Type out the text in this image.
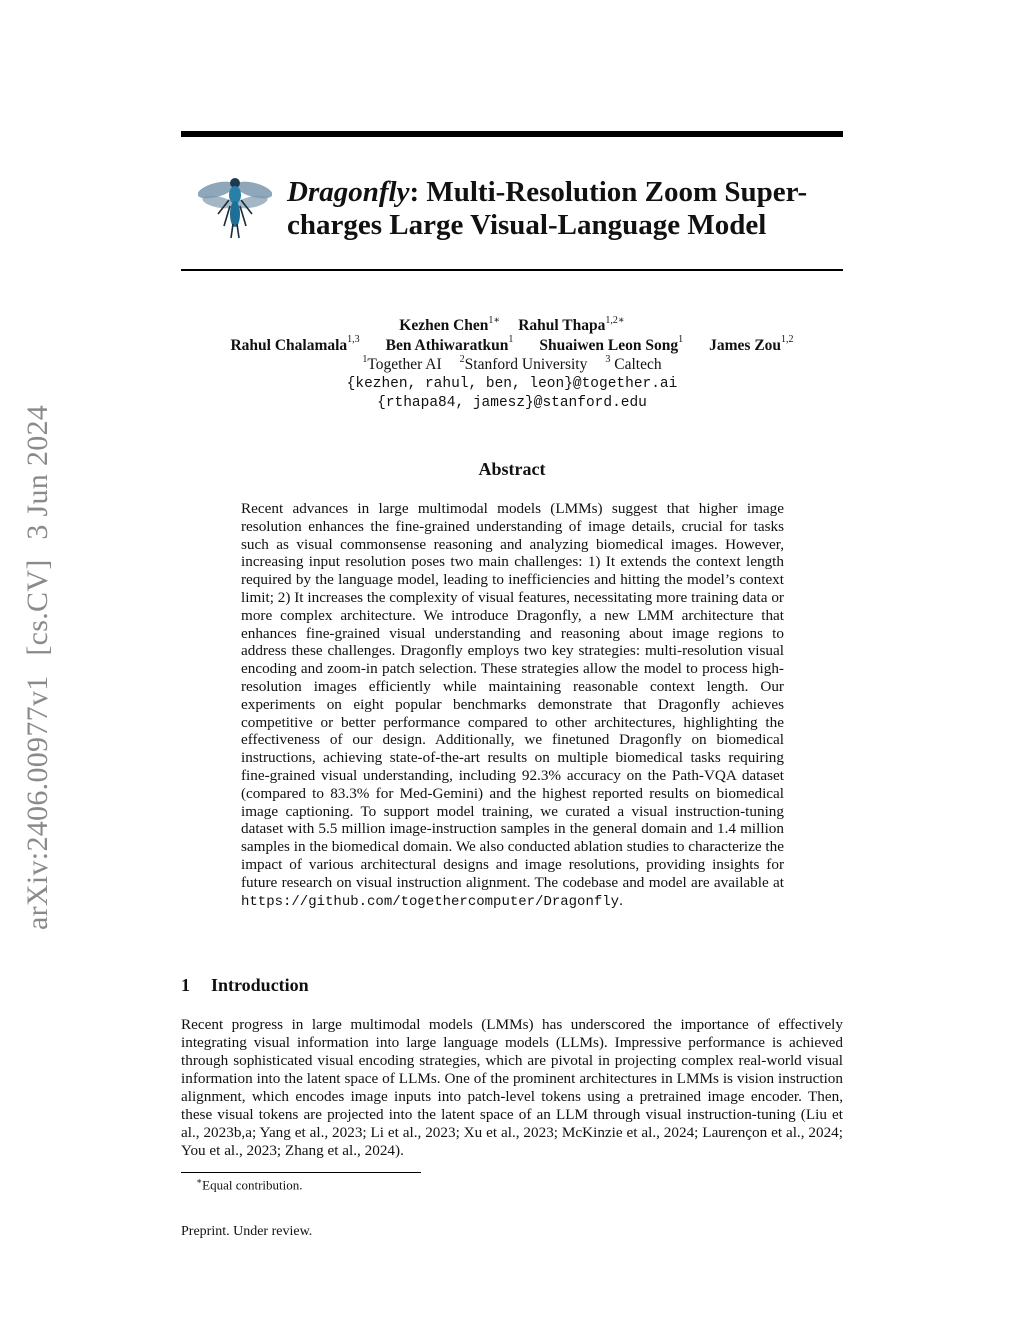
arXiv:2406.00977v1 [cs.CV] 3 Jun 2024
Dragonfly: Multi-Resolution Zoom Super-
charges Large Visual-Language Model
Kezhen Chen$^{1∗}$ Rahul Thapa$^{1,2∗}$
Rahul Chalamala$^{1,3}$ Ben Athiwaratkun$^1$ Shuaiwen Leon Song$^1$ James Zou$^{1,2}$
$^1$Together AI $^2$Stanford University $^3$ Caltech
{kezhen, rahul, ben, leon}@together.ai
{rthapa84, jamesz}@stanford.edu
Abstract

Recent advances in large multimodal models (LMMs) suggest that higher image resolution enhances the fine-grained understanding of image details, crucial for tasks such as visual commonsense reasoning and analyzing biomedical images. However, increasing input resolution poses two main challenges: 1) It extends the context length required by the language model, leading to inefficiencies and hitting the model’s context limit; 2) It increases the complexity of visual features, necessitating more training data or more complex architecture. We introduce Dragonfly, a new LMM architecture that enhances fine-grained visual understanding and reasoning about image regions to address these challenges. Dragonfly employs two key strategies: multi-resolution visual encoding and zoom-in patch selection. These strategies allow the model to process high-resolution images efficiently while maintaining reasonable context length. Our experiments on eight popular benchmarks demonstrate that Dragonfly achieves competitive or better performance compared to other architectures, highlighting the effectiveness of our design. Additionally, we finetuned Dragonfly on biomedical instructions, achieving state-of-the-art results on multiple biomedical tasks requiring fine-grained visual understanding, including 92.3% accuracy on the Path-VQA dataset (compared to 83.3% for Med-Gemini) and the highest reported results on biomedical image captioning. To support model training, we curated a visual instruction-tuning dataset with 5.5 million image-instruction samples in the general domain and 1.4 million samples in the biomedical domain. We also conducted ablation studies to characterize the impact of various architectural designs and image resolutions, providing insights for future research on visual instruction alignment. The codebase and model are available at https://github.com/togethercomputer/Dragonfly.

1 Introduction

Recent progress in large multimodal models (LMMs) has underscored the importance of effectively integrating visual information into large language models (LLMs). Impressive performance is achieved through sophisticated visual encoding strategies, which are pivotal in projecting complex real-world visual information into the latent space of LLMs. One of the prominent architectures in LMMs is vision instruction alignment, which encodes image inputs into patch-level tokens using a pretrained image encoder. Then, these visual tokens are projected into the latent space of an LLM through visual instruction-tuning (Liu et al., 2023b,a; Yang et al., 2023; Li et al., 2023; Xu et al., 2023; McKinzie et al., 2024; Laurençon et al., 2024; You et al., 2023; Zhang et al., 2024).

∗Equal contribution.

Preprint. Under review.
